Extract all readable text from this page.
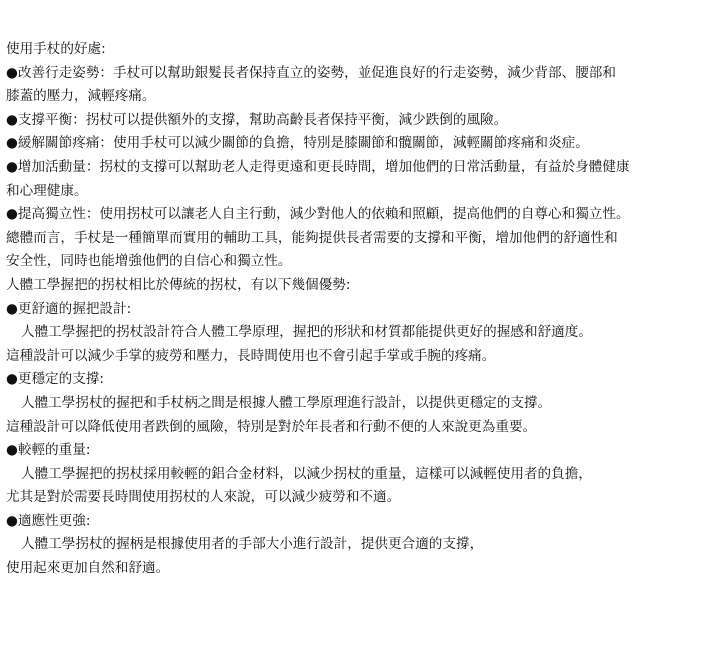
使用手杖的好處:
●改善行走姿勢：手杖可以幫助銀髮長者保持直立的姿勢，並促進良好的行走姿勢，減少背部、腰部和
膝蓋的壓力，減輕疼痛。
●支撐平衡：拐杖可以提供額外的支撐，幫助高齡長者保持平衡，減少跌倒的風險。
●緩解關節疼痛：使用手杖可以減少關節的負擔，特別是膝關節和髖關節，減輕關節疼痛和炎症。
●增加活動量：拐杖的支撐可以幫助老人走得更遠和更長時間，增加他們的日常活動量，有益於身體健康
和心理健康。
●提高獨立性：使用拐杖可以讓老人自主行動，減少對他人的依賴和照顧，提高他們的自尊心和獨立性。
總體而言，手杖是一種簡單而實用的輔助工具，能夠提供長者需要的支撐和平衡，增加他們的舒適性和
安全性，同時也能增強他們的自信心和獨立性。
人體工學握把的拐杖相比於傳統的拐杖，有以下幾個優勢:
●更舒適的握把設計:
人體工學握把的拐杖設計符合人體工學原理，握把的形狀和材質都能提供更好的握感和舒適度。
這種設計可以減少手掌的疲勞和壓力，長時間使用也不會引起手掌或手腕的疼痛。
●更穩定的支撐:
人體工學拐杖的握把和手杖柄之間是根據人體工學原理進行設計，以提供更穩定的支撐。
這種設計可以降低使用者跌倒的風險，特別是對於年長者和行動不便的人來說更為重要。
●較輕的重量:
人體工學握把的拐杖採用較輕的鋁合金材料，以減少拐杖的重量，這樣可以減輕使用者的負擔，
尤其是對於需要長時間使用拐杖的人來說，可以減少疲勞和不適。
●適應性更強:
人體工學拐杖的握柄是根據使用者的手部大小進行設計，提供更合適的支撐，
使用起來更加自然和舒適。
